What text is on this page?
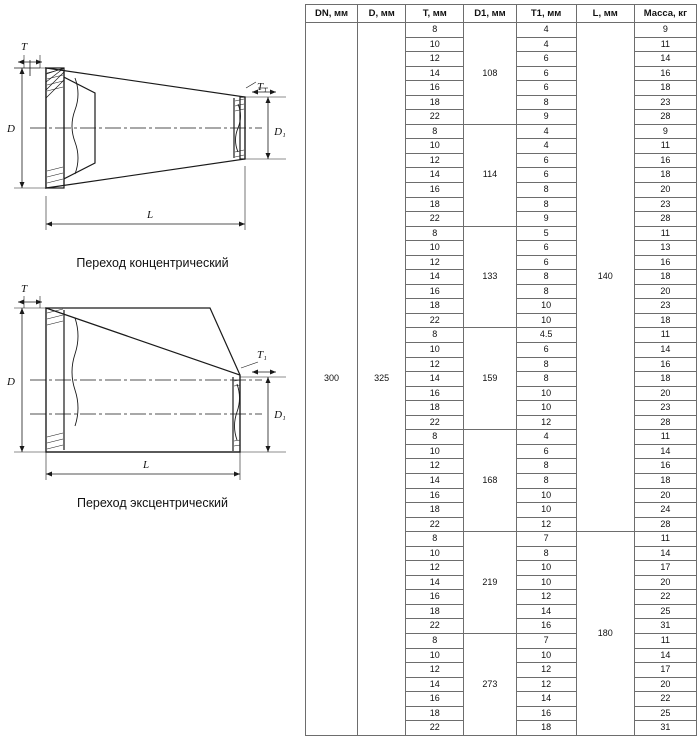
T
D
T₁
D₁
L
T
D
T₁
D₁
L
Переход концентрический
Переход эксцентрический
DN, мм	D, мм	T, мм	D1, мм	T1, мм	L, мм	Масса, кг
300	325	8	108	4	140	9
		10		4		11
		12		6		14
		14		6		16
		16		6		18
		18		8		23
		22		9		28
		8	114	4		9
		10		4		11
		12		6		16
		14		6		18
		16		8		20
		18		8		23
		22		9		28
		8	133	5		11
		10		6		13
		12		6		16
		14		8		18
		16		8		20
		18		10		23
		22		10		18
		8	159	4.5		11
		10		6		14
		12		8		16
		14		8		18
		16		10		20
		18		10		23
		22		12		28
		8	168	4		11
		10		6		14
		12		8		16
		14		8		18
		16		10		20
		18		10		24
		22		12		28
		8	219	7	180	11
		10		8		14
		12		10		17
		14		10		20
		16		12		22
		18		14		25
		22		16		31
		8	273	7		11
		10		10		14
		12		12		17
		14		12		20
		16		14		22
		18		16		25
		22		18		31
